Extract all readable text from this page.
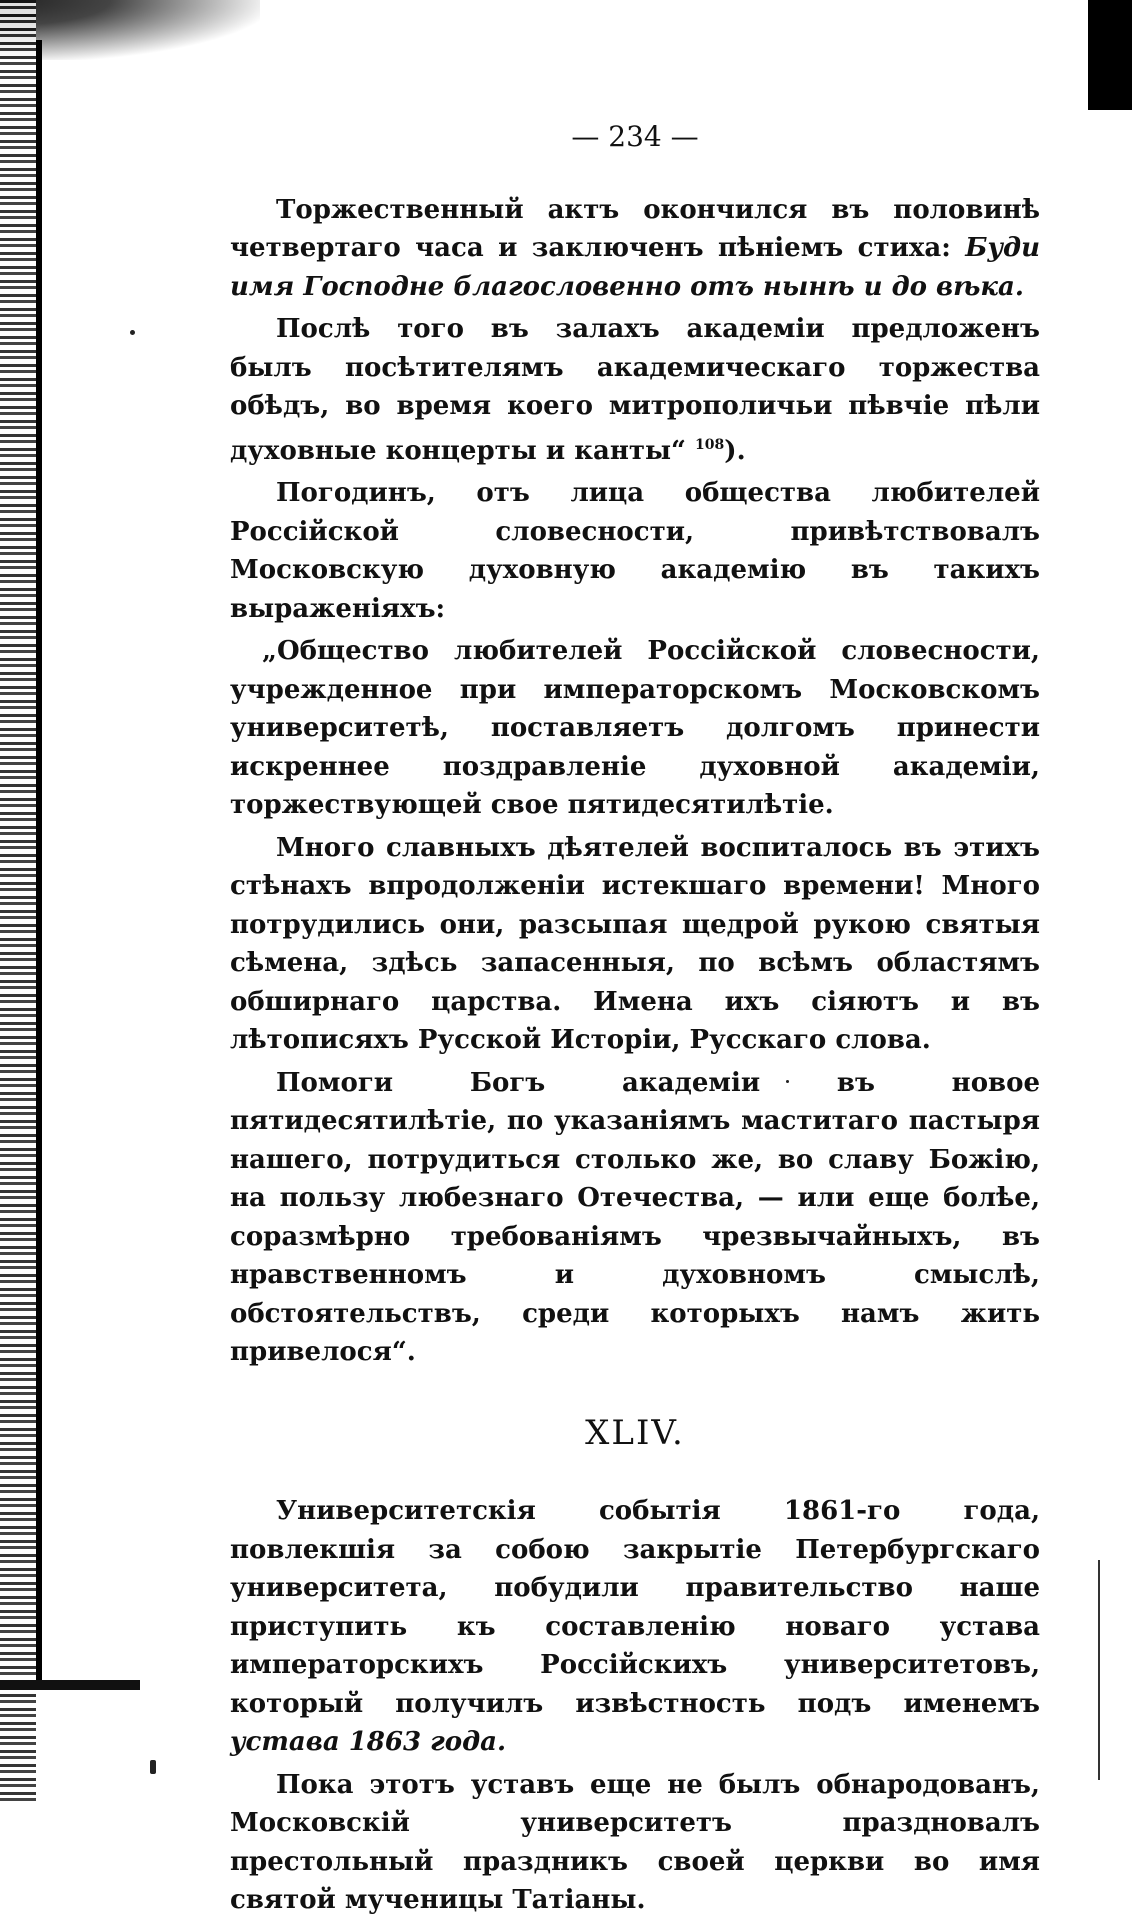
— 234 —

Торжественный актъ окончился въ половинѣ четвертаго часа и заключенъ пѣніемъ стиха: Буди имя Господне благословенно отъ нынѣ и до вѣка.

Послѣ того въ залахъ академіи предложенъ былъ посѣтителямъ академическаго торжества обѣдъ, во время коего митрополичьи пѣвчіе пѣли духовные концерты и канты“ $^{108}$).

Погодинъ, отъ лица общества любителей Россійской словесности, привѣтствовалъ Московскую духовную академію въ такихъ выраженіяхъ:

„Общество любителей Россійской словесности, учрежденное при императорскомъ Московскомъ университетѣ, поставляетъ долгомъ принести искреннее поздравленіе духовной академіи, торжествующей свое пятидесятилѣтіе.

Много славныхъ дѣятелей воспиталось въ этихъ стѣнахъ впродолженіи истекшаго времени! Много потрудились они, разсыпая щедрой рукою святыя сѣмена, здѣсь запасенныя, по всѣмъ областямъ обширнаго царства. Имена ихъ сіяютъ и въ лѣтописяхъ Русской Исторіи, Русскаго слова.

Помоги Богъ академіи въ новое пятидесятилѣтіе, по указаніямъ маститаго пастыря нашего, потрудиться столько же, во славу Божію, на пользу любезнаго Отечества, — или еще болѣе, соразмѣрно требованіямъ чрезвычайныхъ, въ нравственномъ и духовномъ смыслѣ, обстоятельствъ, среди которыхъ намъ жить привелося“.

XLIV.

Университетскія событія 1861-го года, повлекшія за собою закрытіе Петербургскаго университета, побудили правительство наше приступить къ составленію новаго устава императорскихъ Россійскихъ университетовъ, который получилъ извѣстность подъ именемъ устава 1863 года.

Пока этотъ уставъ еще не былъ обнародованъ, Московскій университетъ праздновалъ престольный праздникъ своей церкви во имя святой мученицы Татіаны.
